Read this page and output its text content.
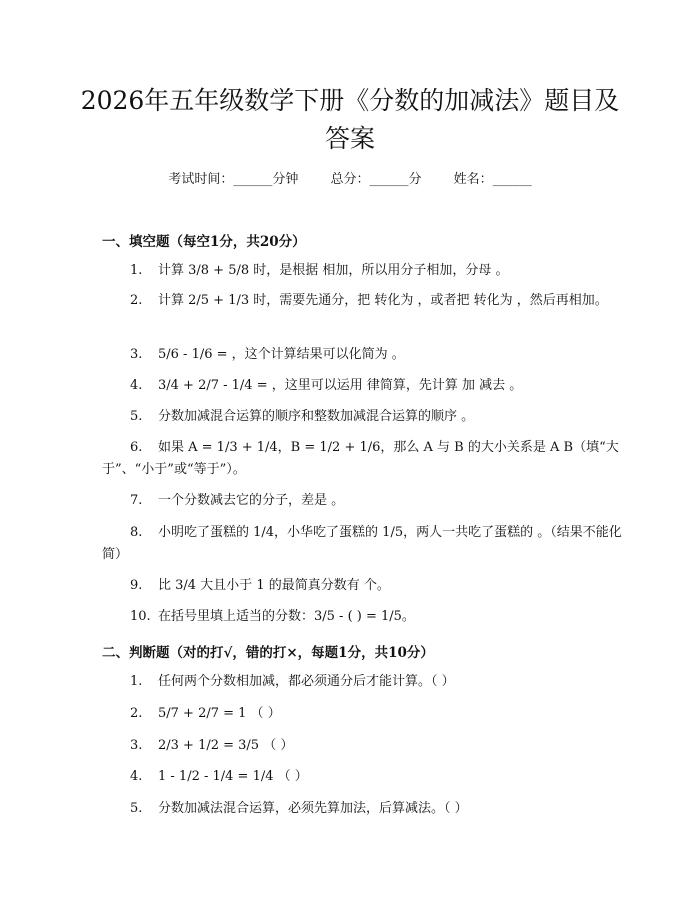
2026年五年级数学下册《分数的加减法》题目及答案
考试时间：______分钟 总分：______分 姓名：______
一、填空题（每空1分，共20分）
1. 计算 3/8 + 5/8 时，是根据 相加，所以用分子相加，分母 。
2. 计算 2/5 + 1/3 时，需要先通分，把 转化为 ，或者把 转化为 ，然后再相加。
3. 5/6 - 1/6 = ，这个计算结果可以化简为 。
4. 3/4 + 2/7 - 1/4 = ，这里可以运用 律简算，先计算 加 减去 。
5. 分数加减混合运算的顺序和整数加减混合运算的顺序 。
6. 如果 A = 1/3 + 1/4，B = 1/2 + 1/6，那么 A 与 B 的大小关系是 A B（填“大于”、“小于”或“等于”）。
7. 一个分数减去它的分子，差是 。
8. 小明吃了蛋糕的 1/4，小华吃了蛋糕的 1/5，两人一共吃了蛋糕的 。（结果不能化简）
9. 比 3/4 大且小于 1 的最简真分数有 个。
10. 在括号里填上适当的分数：3/5 - ( ) = 1/5。
二、判断题（对的打√，错的打×，每题1分，共10分）
1. 任何两个分数相加减，都必须通分后才能计算。（ ）
2. 5/7 + 2/7 = 1 （ ）
3. 2/3 + 1/2 = 3/5 （ ）
4. 1 - 1/2 - 1/4 = 1/4 （ ）
5. 分数加减法混合运算，必须先算加法，后算减法。（ ）
